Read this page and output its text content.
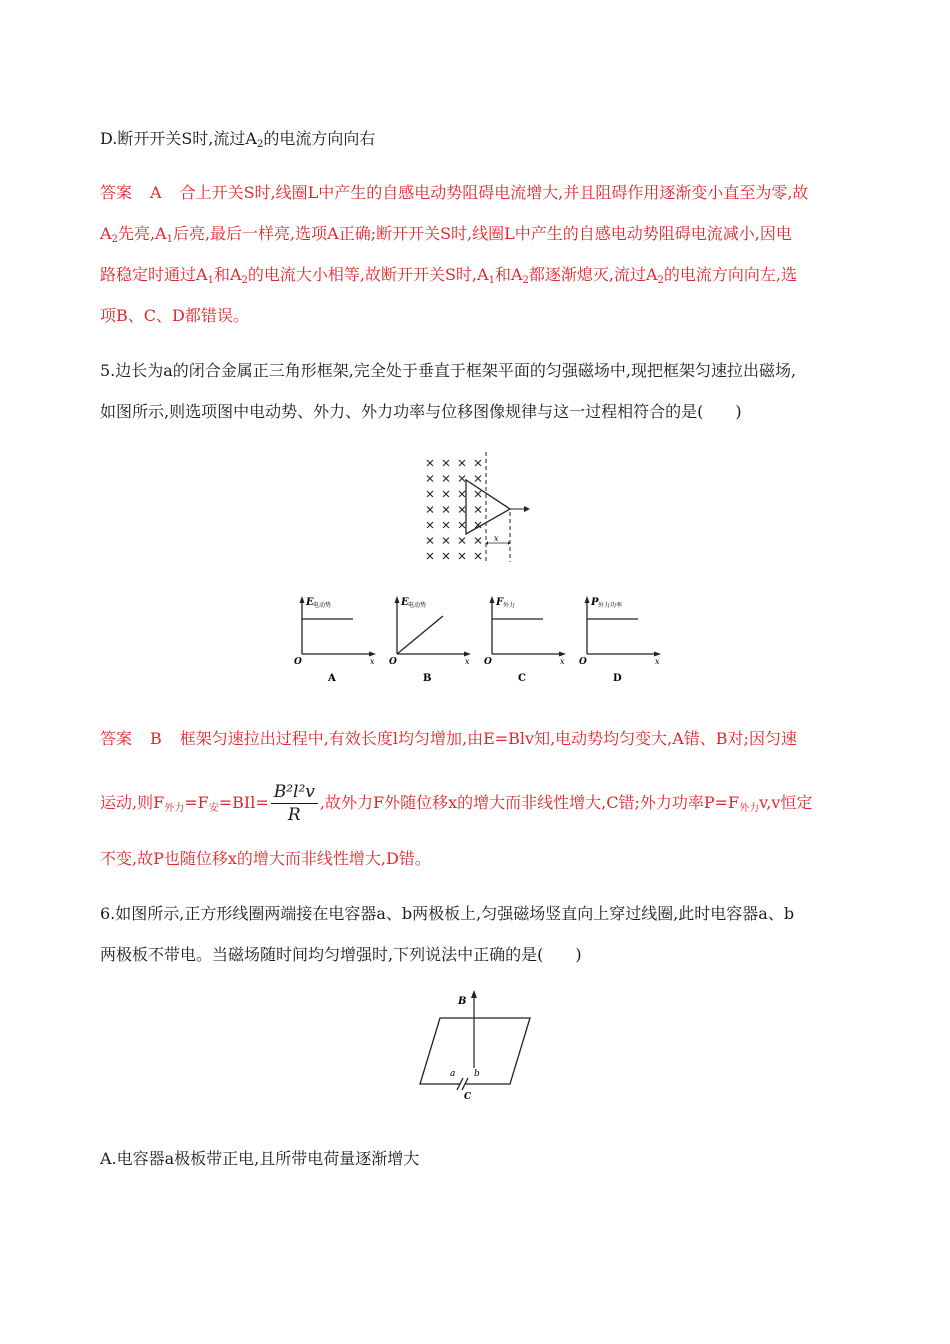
D.断开开关S时,流过$A_2$的电流方向向右
答案 A 合上开关S时,线圈L中产生的自感电动势阻碍电流增大,并且阻碍作用逐渐变小直至为零,故
$A_2$先亮$,A_1$后亮,最后一样亮,选项A正确;断开开关S时,线圈L中产生的自感电动势阻碍电流减小,因电
路稳定时通过$A_1$和$A_2$的电流大小相等,故断开开关S时$,A_1$和$A_2$都逐渐熄灭,流过$A_2$的电流方向向左,选
项B、C、D都错误。
5.边长为a的闭合金属正三角形框架,完全处于垂直于框架平面的匀强磁场中,现把框架匀速拉出磁场,
如图所示,则选项图中电动势、外力、外力功率与位移图像规律与这一过程相符合的是(　　)
x
E 电动势
O	x
A
E 电动势
O	x
B
F 外力
O	x
C
P 外力功率
O	x
D
答案 B 框架匀速拉出过程中,有效长度l均匀增加,由E=Blv知,电动势均匀变大,A错、B对;因匀速
运动,则$F_{外力}=F_安=BIl= \frac{\text{B²l²v}}{R}$ ,故外力F外随位移x的增大而非线性增大,C错;外力功率$P=F_{外力}v,v$恒定
不变,故P也随位移x的增大而非线性增大,D错。
6.如图所示,正方形线圈两端接在电容器a、b两极板上,匀强磁场竖直向上穿过线圈,此时电容器a、b
两极板不带电。当磁场随时间均匀增强时,下列说法中正确的是(　　)
B
a b
C
A.电容器a极板带正电,且所带电荷量逐渐增大
